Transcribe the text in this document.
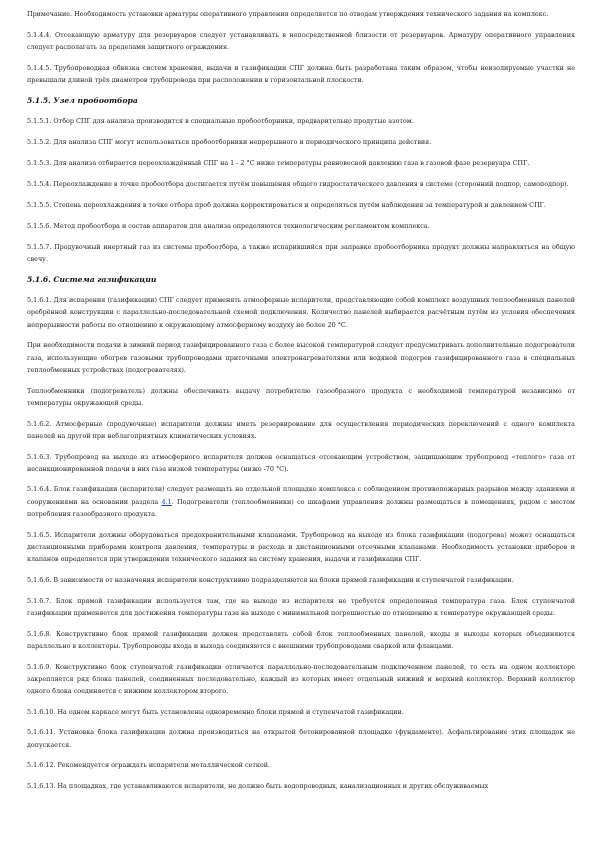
Примечание. Необходимость установки арматуры оперативного управления определяется по отводам утверждения технического задания на комплекс.

5.1.4.4. Отсекающую арматуру для резервуаров следует устанавливать в непосредственной близости от резервуаров. Арматуру оперативного управления следует располагать за пределами защитного ограждения.

5.1.4.5. Трубопроводная обвязка систем хранения, выдачи и газификации СПГ должна быть разработана таким образом, чтобы неизолируемые участки не превышали длиной трёх диаметров трубопровода при расположении в горизонтальной плоскости.

5.1.5. Узел пробоотбора

5.1.5.1. Отбор СПГ для анализа производится в специальные пробоотборники, предварительно продутые азотом.

5.1.5.2. Для анализа СПГ могут использоваться пробоотборники непрерывного и периодического принципа действия.

5.1.5.3. Для анализа отбирается переохлаждённый СПГ на 1 - 2 °С ниже температуры равновесной давлению газа в газовой фазе резервуара СПГ.

5.1.5.4. Переохлаждение в точке пробоотбора достигается путём повышения общего гидростатического давления в системе (сторонний подпор, самоподпор).

5.1.5.5. Степень переохлаждения в точке отбора проб должна корректироваться и определяться путём наблюдения за температурой и давлением СПГ.

5.1.5.6. Метод пробоотбора и состав аппаратов для анализа определяются технологическим регламентом комплекса.

5.1.5.7. Продувочный инертный газ из системы пробоотбора, а также испарившийся при заправке пробоотборника продукт должны направляться на общую свечу.

5.1.6. Система газификации

5.1.6.1. Для испарения (газификации) СПГ следует применять атмосферные испарители, представляющие собой комплект воздушных теплообменных панелей оребрённой конструкции с параллельно-последовательной схемой подключения. Количество панелей выбирается расчётным путём из условия обеспечения непрерывности работы по отношению к окружающему атмосферному воздуху не более 20 °С.

При необходимости подачи в зимний период газифицированного газа с более высокой температурой следует предусматривать дополнительные подогреватели газа, использующие обогрев газовыми трубопроводами приточными электронагревателями или водяной подогрев газифицированного газа в специальных теплообменных устройствах (подогревателях).

Теплообменники (подогреватель) должны обеспечивать выдачу потребителю газообразного продукта с необходимой температурой независимо от температуры окружающей среды.

5.1.6.2. Атмосферные (продувочные) испарители должны иметь резервирование для осуществления периодических переключений с одного комплекта панелей на другой при неблагоприятных климатических условиях.

5.1.6.3. Трубопровод на выходе из атмосферного испарителя должен оснащаться отсекающим устройством, защищающим трубопровод «теплого» газа от несанкционированной подачи в них газа низкой температуры (ниже -70 °С).

5.1.6.4. Блок газификации (испарители) следует размещать на отдельной площадке комплекса с соблюдением противопожарных разрывов между зданиями и сооружениями на основании раздела 4.1. Подогреватели (теплообменники) со шкафами управления должны размещаться в помещениях, рядом с местом потребления газообразного продукта.

5.1.6.5. Испарители должны оборудоваться предохранительными клапанами. Трубопровод на выходе из блока газификации (подогрева) может оснащаться дистанционными приборами контроля давления, температуры и расхода и дистанционными отсечными клапанами. Необходимость установки приборов и клапанов определяется при утверждении технического задания на систему хранения, выдачи и газификации СПГ.

5.1.6.6. В зависимости от назначения испарители конструктивно подразделяются на блоки прямой газификации и ступенчатой газификации.

5.1.6.7. Блок прямой газификации используется там, где на выходе из испарителя не требуется определенная температура газа. Блок ступенчатой газификации применяется для достижения температуры газа на выходе с минимальной погрешностью по отношению к температуре окружающей среды.

5.1.6.8. Конструктивно блок прямой газификации должен представлять собой блок теплообменных панелей, входы и выходы которых объединяются параллельно в коллекторы. Трубопроводы входа и выхода соединяются с внешними трубопроводами сваркой или фланцами.

5.1.6.9. Конструктивно блок ступенчатой газификации отличается параллельно-последовательным подключением панелей, то есть на одном коллекторе закрепляется ряд блока панелей, соединенных последовательно, каждый из которых имеет отдельный нижний и верхний коллектор. Верхний коллектор одного блока соединяется с нижним коллектором второго.

5.1.6.10. На одном каркасе могут быть установлены одновременно блоки прямой и ступенчатой газификации.

5.1.6.11. Установка блока газификации должна производиться на открытой бетонированной площадке (фундаменте). Асфальтирование этих площадок не допускается.

5.1.6.12. Рекомендуется ограждать испарители металлической сеткой.

5.1.6.13. На площадках, где устанавливаются испарители, не должно быть водопроводных, канализационных и других обслуживаемых
